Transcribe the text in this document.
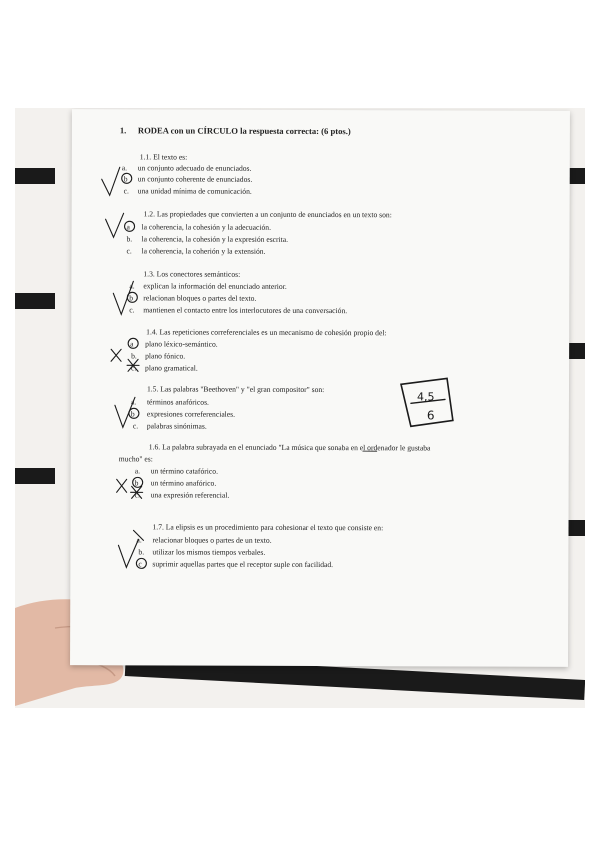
1. RODEA con un CÍRCULO la respuesta correcta: (6 ptos.)
1.1. El texto es:
a. un conjunto adecuado de enunciados.
b un conjunto coherente de enunciados.
c. una unidad mínima de comunicación.
1.2. Las propiedades que convierten a un conjunto de enunciados en un texto son:
a la coherencia, la cohesión y la adecuación.
b. la coherencia, la cohesión y la expresión escrita.
c. la coherencia, la coherión y la extensión.
1.3. Los conectores semánticos:
a. explican la información del enunciado anterior.
b relacionan bloques o partes del texto.
c. mantienen el contacto entre los interlocutores de una conversación.
1.4. Las repeticiones correferenciales es un mecanismo de cohesión propio del:
a plano léxico-semántico.
b. plano fónico.
c. plano gramatical.
1.5. Las palabras "Beethoven" y "el gran compositor" son:
a. términos anafóricos.
b expresiones correferenciales.
c. palabras sinónimas.
1.6. La palabra subrayada en el enunciado "La música que sonaba en el ordenador le gustaba
mucho" es:
a. un término catafórico.
b un término anafórico.
c. una expresión referencial.
1.7. La elipsis es un procedimiento para cohesionar el texto que consiste en:
a. relacionar bloques o partes de un texto.
b. utilizar los mismos tiempos verbales.
c suprimir aquellas partes que el receptor suple con facilidad.
4,5
6
